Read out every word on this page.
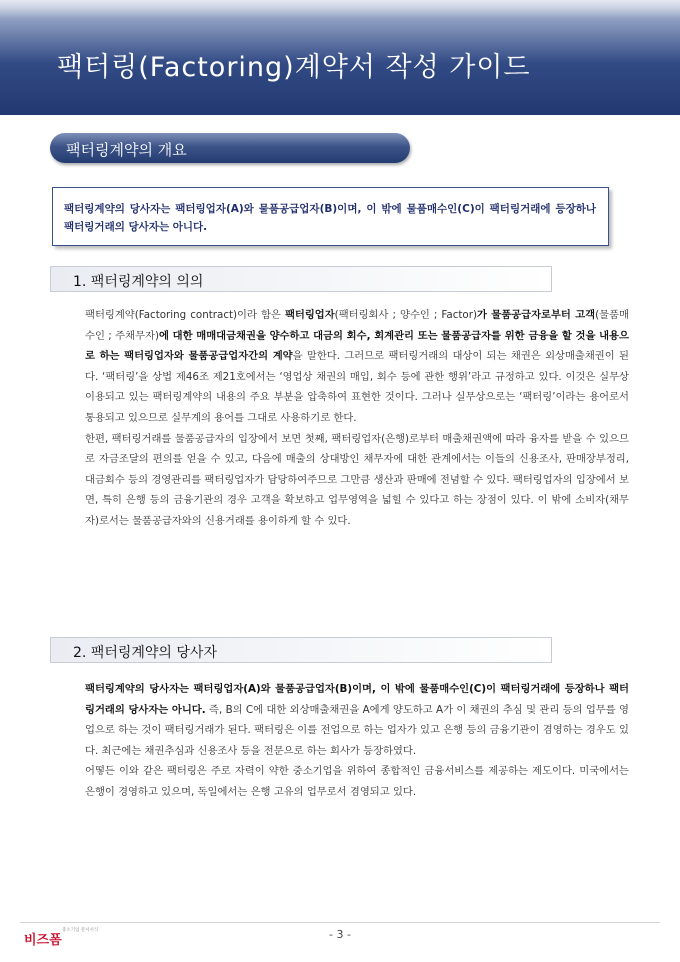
팩터링(Factoring)계약서 작성 가이드
팩터링계약의 개요

팩터링계약의 당사자는 팩터링업자(A)와 물품공급업자(B)이며, 이 밖에 물품매수인(C)이 팩터링거래에 등장하나 팩터링거래의 당사자는 아니다.

1. 팩터링계약의 의의

팩터링계약(Factoring contract)이라 함은 팩터링업자(팩터링회사 ; 양수인 ; Factor)가 물품공급자로부터 고객(물품매수인 ; 주채무자)에 대한 매매대금채권을 양수하고 대금의 회수, 회계관리 또는 물품공급자를 위한 금융을 할 것을 내용으로 하는 팩터링업자와 물품공급업자간의 계약을 말한다. 그러므로 팩터링거래의 대상이 되는 채권은 외상매출채권이 된다. ‘팩터링’을 상법 제46조 제21호에서는 ‘영업상 채권의 매입, 회수 등에 관한 행위’라고 규정하고 있다. 이것은 실무상 이용되고 있는 팩터링계약의 내용의 주요 부분을 압축하여 표현한 것이다. 그러나 실무상으로는 ‘팩터링’이라는 용어로서 통용되고 있으므로 실무계의 용어를 그대로 사용하기로 한다.

한편, 팩터링거래를 물품공급자의 입장에서 보면 첫째, 팩터링업자(은행)로부터 매출채권액에 따라 융자를 받을 수 있으므로 자금조달의 편의를 얻을 수 있고, 다음에 매출의 상대방인 채무자에 대한 관계에서는 이들의 신용조사, 판매장부정리, 대금회수 등의 경영관리를 팩터링업자가 담당하여주므로 그만큼 생산과 판매에 전념할 수 있다. 팩터링업자의 입장에서 보면, 특히 은행 등의 금융기관의 경우 고객을 확보하고 업무영역을 넓힐 수 있다고 하는 장점이 있다. 이 밖에 소비자(채무자)로서는 물품공급자와의 신용거래를 용이하게 할 수 있다.

2. 팩터링계약의 당사자

팩터링계약의 당사자는 팩터링업자(A)와 물품공급업자(B)이며, 이 밖에 물품매수인(C)이 팩터링거래에 등장하나 팩터링거래의 당사자는 아니다. 즉, B의 C에 대한 외상매출채권을 A에게 양도하고 A가 이 채권의 추심 및 관리 등의 업무를 영업으로 하는 것이 팩터링거래가 된다. 팩터링은 이를 전업으로 하는 업자가 있고 은행 등의 금융기관이 겸영하는 경우도 있다. 최근에는 채권추심과 신용조사 등을 전문으로 하는 회사가 등장하였다.

어떻든 이와 같은 팩터링은 주로 자력이 약한 중소기업을 위하여 종합적인 금융서비스를 제공하는 제도이다. 미국에서는 은행이 경영하고 있으며, 독일에서는 은행 고유의 업무로서 겸영되고 있다.

비즈폼
중소기업 문서서식	- 3 -
